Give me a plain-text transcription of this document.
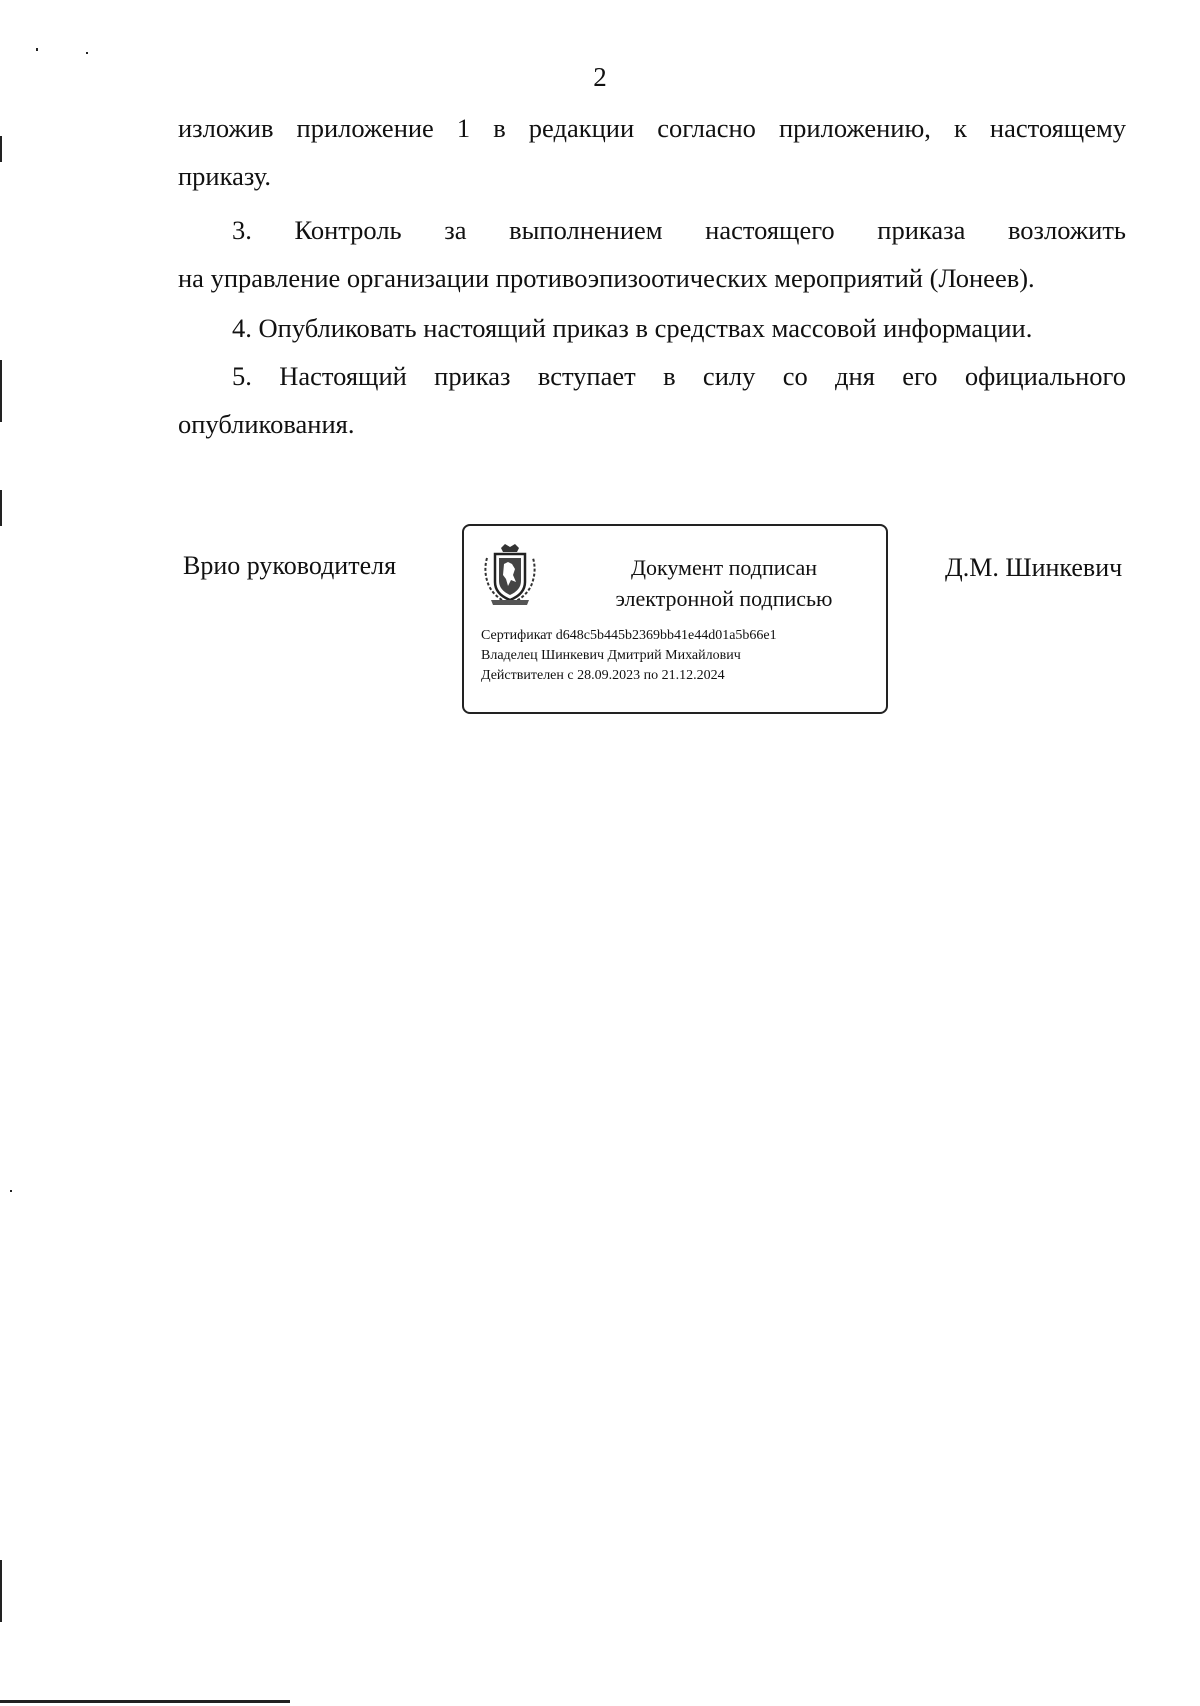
2
изложив приложение 1 в редакции согласно приложению, к настоящему
приказу.
3. Контроль за выполнением настоящего приказа возложить
на управление организации противоэпизоотических мероприятий (Лонеев).
4. Опубликовать настоящий приказ в средствах массовой информации.
5. Настоящий приказ вступает в силу со дня его официального
опубликования.
Врио руководителя	Документ подписан
электронной подписью
Сертификат d648c5b445b2369bb41e44d01a5b66e1
Владелец Шинкевич Дмитрий Михайлович
Действителен с 28.09.2023 по 21.12.2024
Д.М. Шинкевич
